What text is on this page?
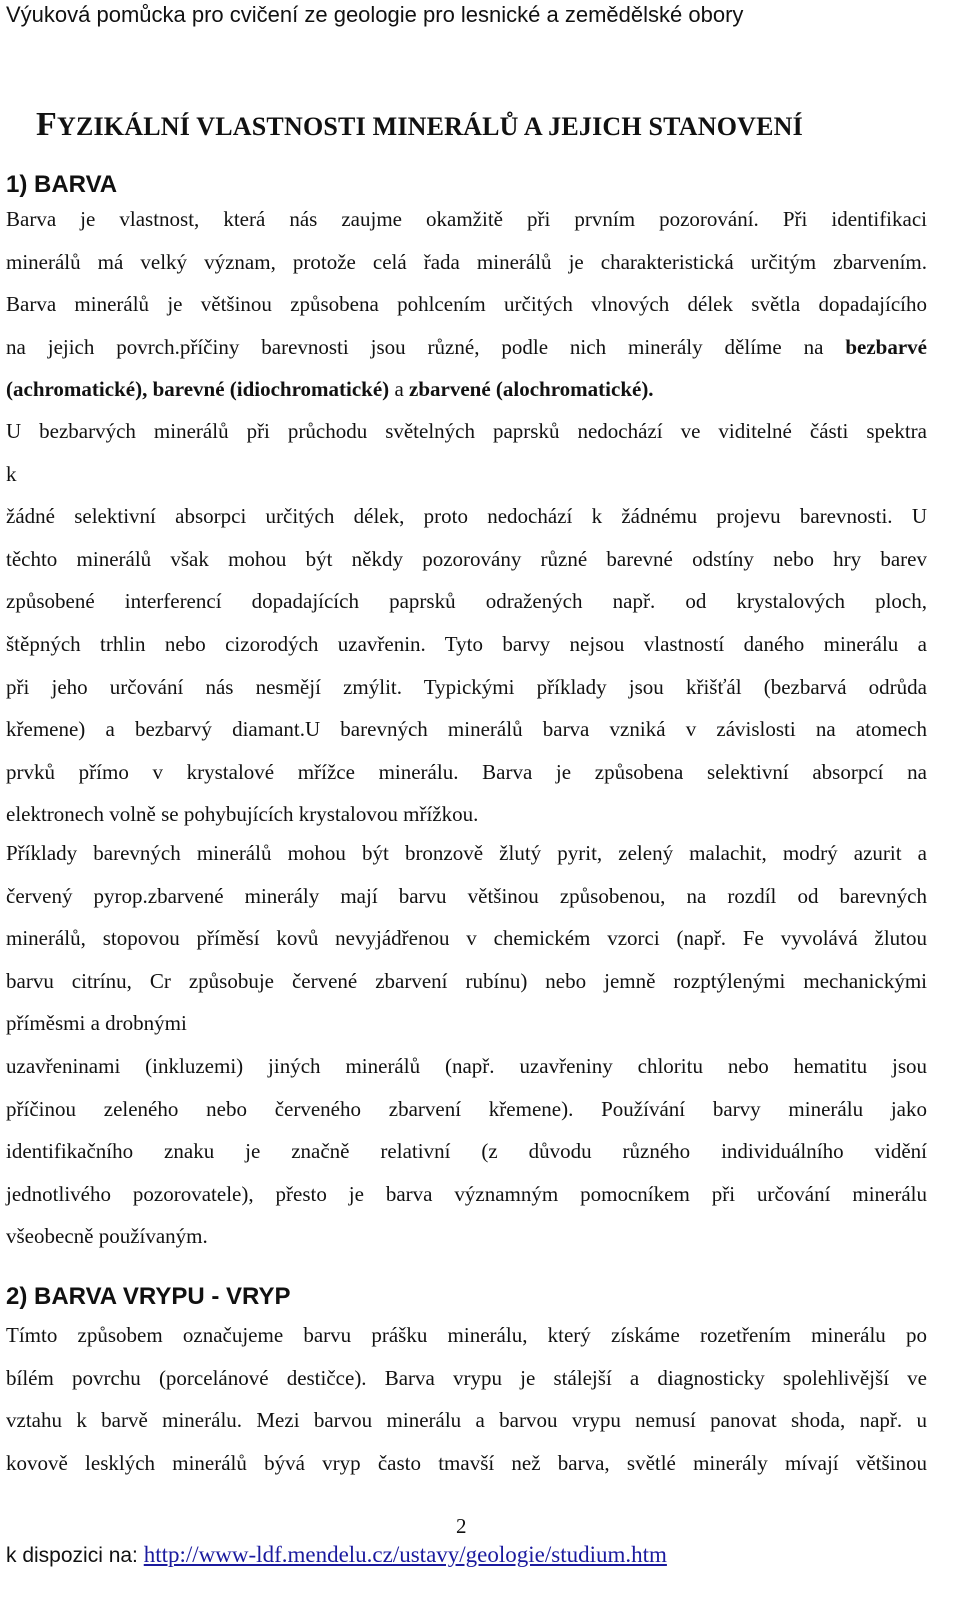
Výuková pomůcka pro cvičení ze geologie pro lesnické a zemědělské obory
FYZIKÁLNÍ VLASTNOSTI MINERÁLŮ A JEJICH STANOVENÍ
1) BARVA
Barva je vlastnost, která nás zaujme okamžitě při prvním pozorování. Při identifikaci
minerálů má velký význam, protože celá řada minerálů je charakteristická určitým zbarvením.
Barva minerálů je většinou způsobena pohlcením určitých vlnových délek světla dopadajícího
na jejich povrch.příčiny barevnosti jsou různé, podle nich minerály dělíme na bezbarvé
(achromatické), barevné (idiochromatické) a zbarvené (alochromatické).
U bezbarvých minerálů při průchodu světelných paprsků nedochází ve viditelné části spektra
k
žádné selektivní absorpci určitých délek, proto nedochází k žádnému projevu barevnosti. U
těchto minerálů však mohou být někdy pozorovány různé barevné odstíny nebo hry barev
způsobené interferencí dopadajících paprsků odražených např. od krystalových ploch,
štěpných trhlin nebo cizorodých uzavřenin. Tyto barvy nejsou vlastností daného minerálu a
při jeho určování nás nesmějí zmýlit. Typickými příklady jsou křišťál (bezbarvá odrůda
křemene) a bezbarvý diamant.U barevných minerálů barva vzniká v závislosti na atomech
prvků přímo v krystalové mřížce minerálu. Barva je způsobena selektivní absorpcí na
elektronech volně se pohybujících krystalovou mřížkou.
Příklady barevných minerálů mohou být bronzově žlutý pyrit, zelený malachit, modrý azurit a
červený pyrop.zbarvené minerály mají barvu většinou způsobenou, na rozdíl od barevných
minerálů, stopovou příměsí kovů nevyjádřenou v chemickém vzorci (např. Fe vyvolává žlutou
barvu citrínu, Cr způsobuje červené zbarvení rubínu) nebo jemně rozptýlenými mechanickými
příměsmi a drobnými
uzavřeninami (inkluzemi) jiných minerálů (např. uzavřeniny chloritu nebo hematitu jsou
příčinou zeleného nebo červeného zbarvení křemene). Používání barvy minerálu jako
identifikačního znaku je značně relativní (z důvodu různého individuálního vidění
jednotlivého pozorovatele), přesto je barva významným pomocníkem při určování minerálu
všeobecně používaným.
2) BARVA VRYPU - VRYP
Tímto způsobem označujeme barvu prášku minerálu, který získáme rozetřením minerálu po
bílém povrchu (porcelánové destičce). Barva vrypu je stálejší a diagnosticky spolehlivější ve
vztahu k barvě minerálu. Mezi barvou minerálu a barvou vrypu nemusí panovat shoda, např. u
kovově lesklých minerálů bývá vryp často tmavší než barva, světlé minerály mívají většinou
2
k dispozici na: http://www-ldf.mendelu.cz/ustavy/geologie/studium.htm
